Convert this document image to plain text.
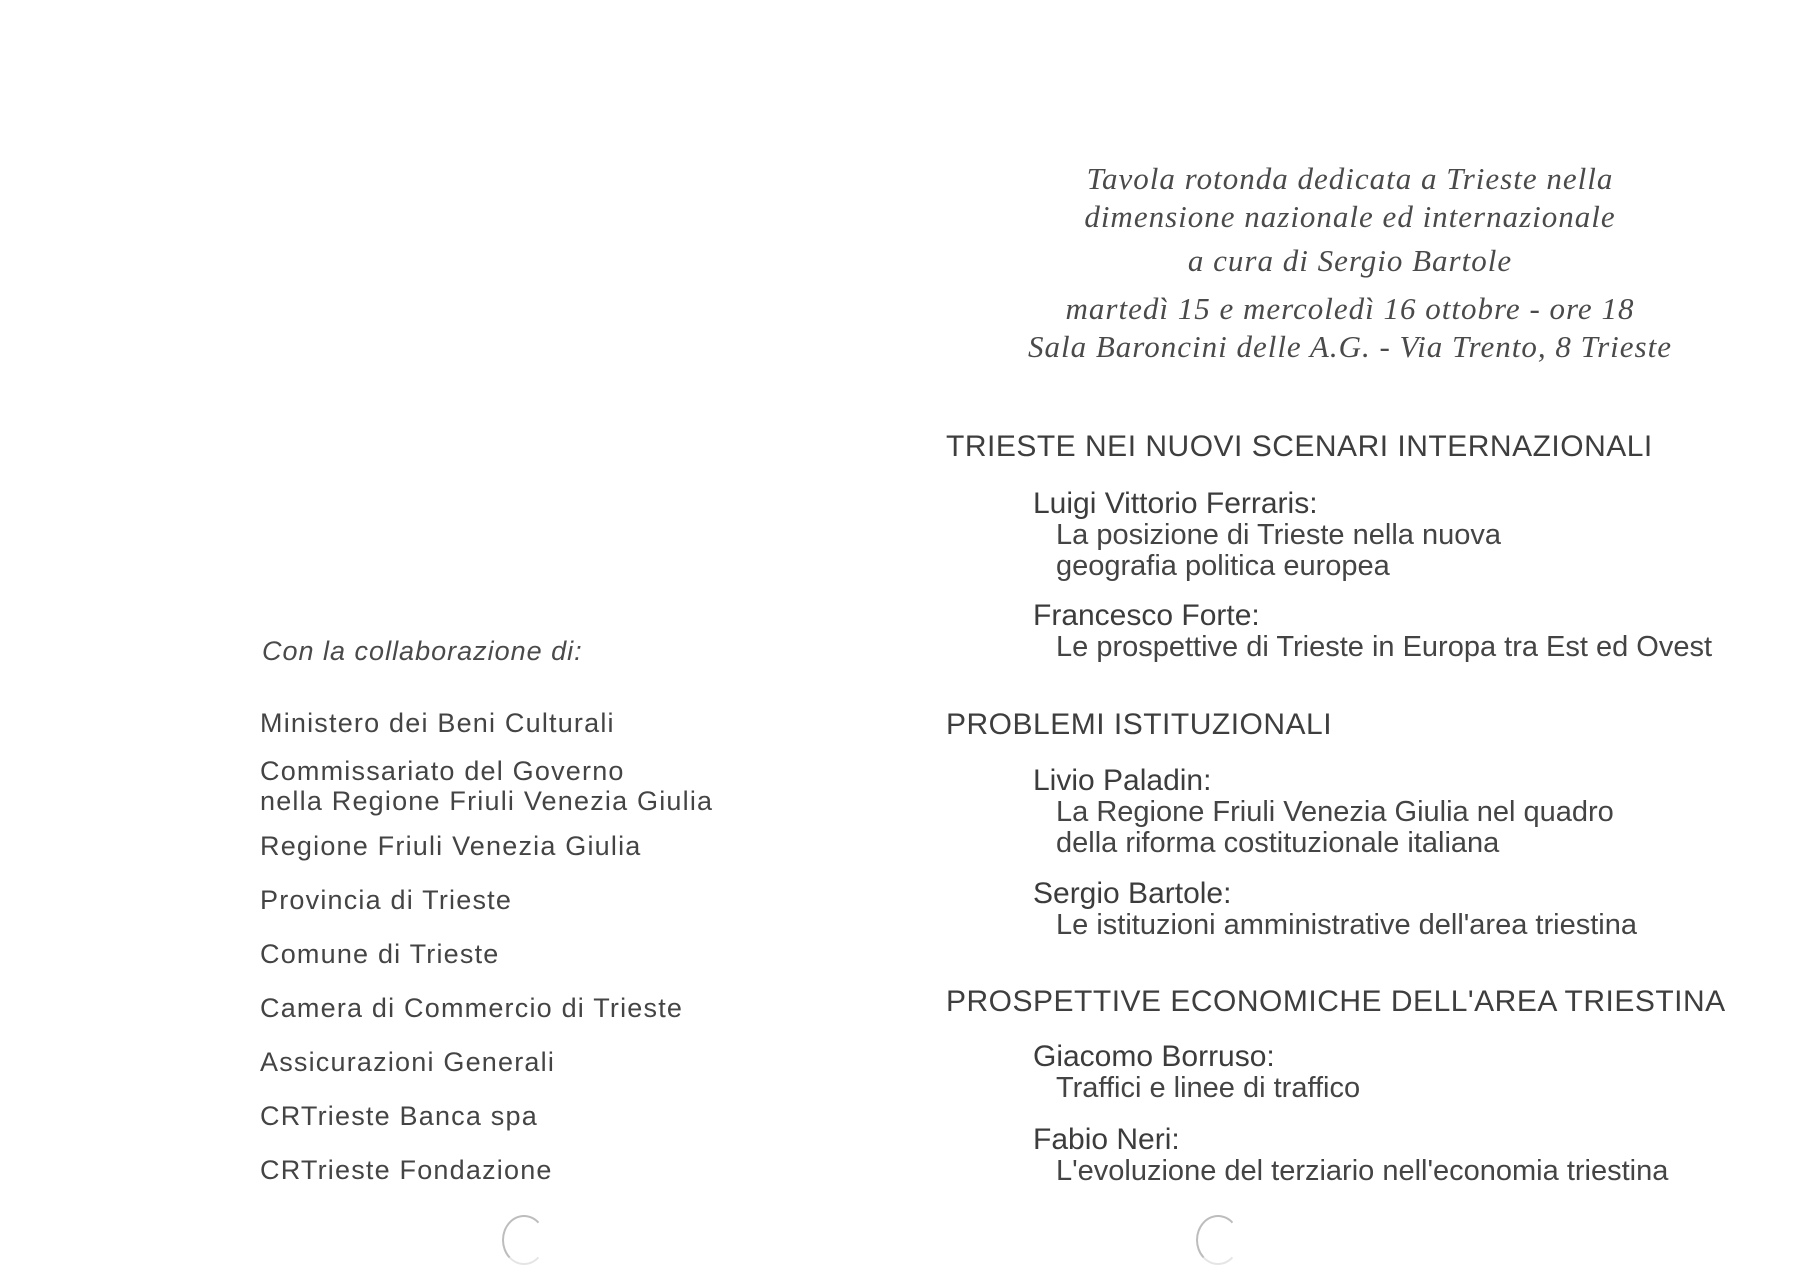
Con la collaborazione di:
Ministero dei Beni Culturali
Commissariato del Governo
nella Regione Friuli Venezia Giulia
Regione Friuli Venezia Giulia
Provincia di Trieste
Comune di Trieste
Camera di Commercio di Trieste
Assicurazioni Generali
CRTrieste Banca spa
CRTrieste Fondazione
Tavola rotonda dedicata a Trieste nella
dimensione nazionale ed internazionale
a cura di Sergio Bartole
martedì 15 e mercoledì 16 ottobre - ore 18
Sala Baroncini delle A.G. - Via Trento, 8 Trieste
TRIESTE NEI NUOVI SCENARI INTERNAZIONALI
Luigi Vittorio Ferraris:
La posizione di Trieste nella nuova
geografia politica europea
Francesco Forte:
Le prospettive di Trieste in Europa tra Est ed Ovest
PROBLEMI ISTITUZIONALI
Livio Paladin:
La Regione Friuli Venezia Giulia nel quadro
della riforma costituzionale italiana
Sergio Bartole:
Le istituzioni amministrative dell'area triestina
PROSPETTIVE ECONOMICHE DELL'AREA TRIESTINA
Giacomo Borruso:
Traffici e linee di traffico
Fabio Neri:
L'evoluzione del terziario nell'economia triestina
